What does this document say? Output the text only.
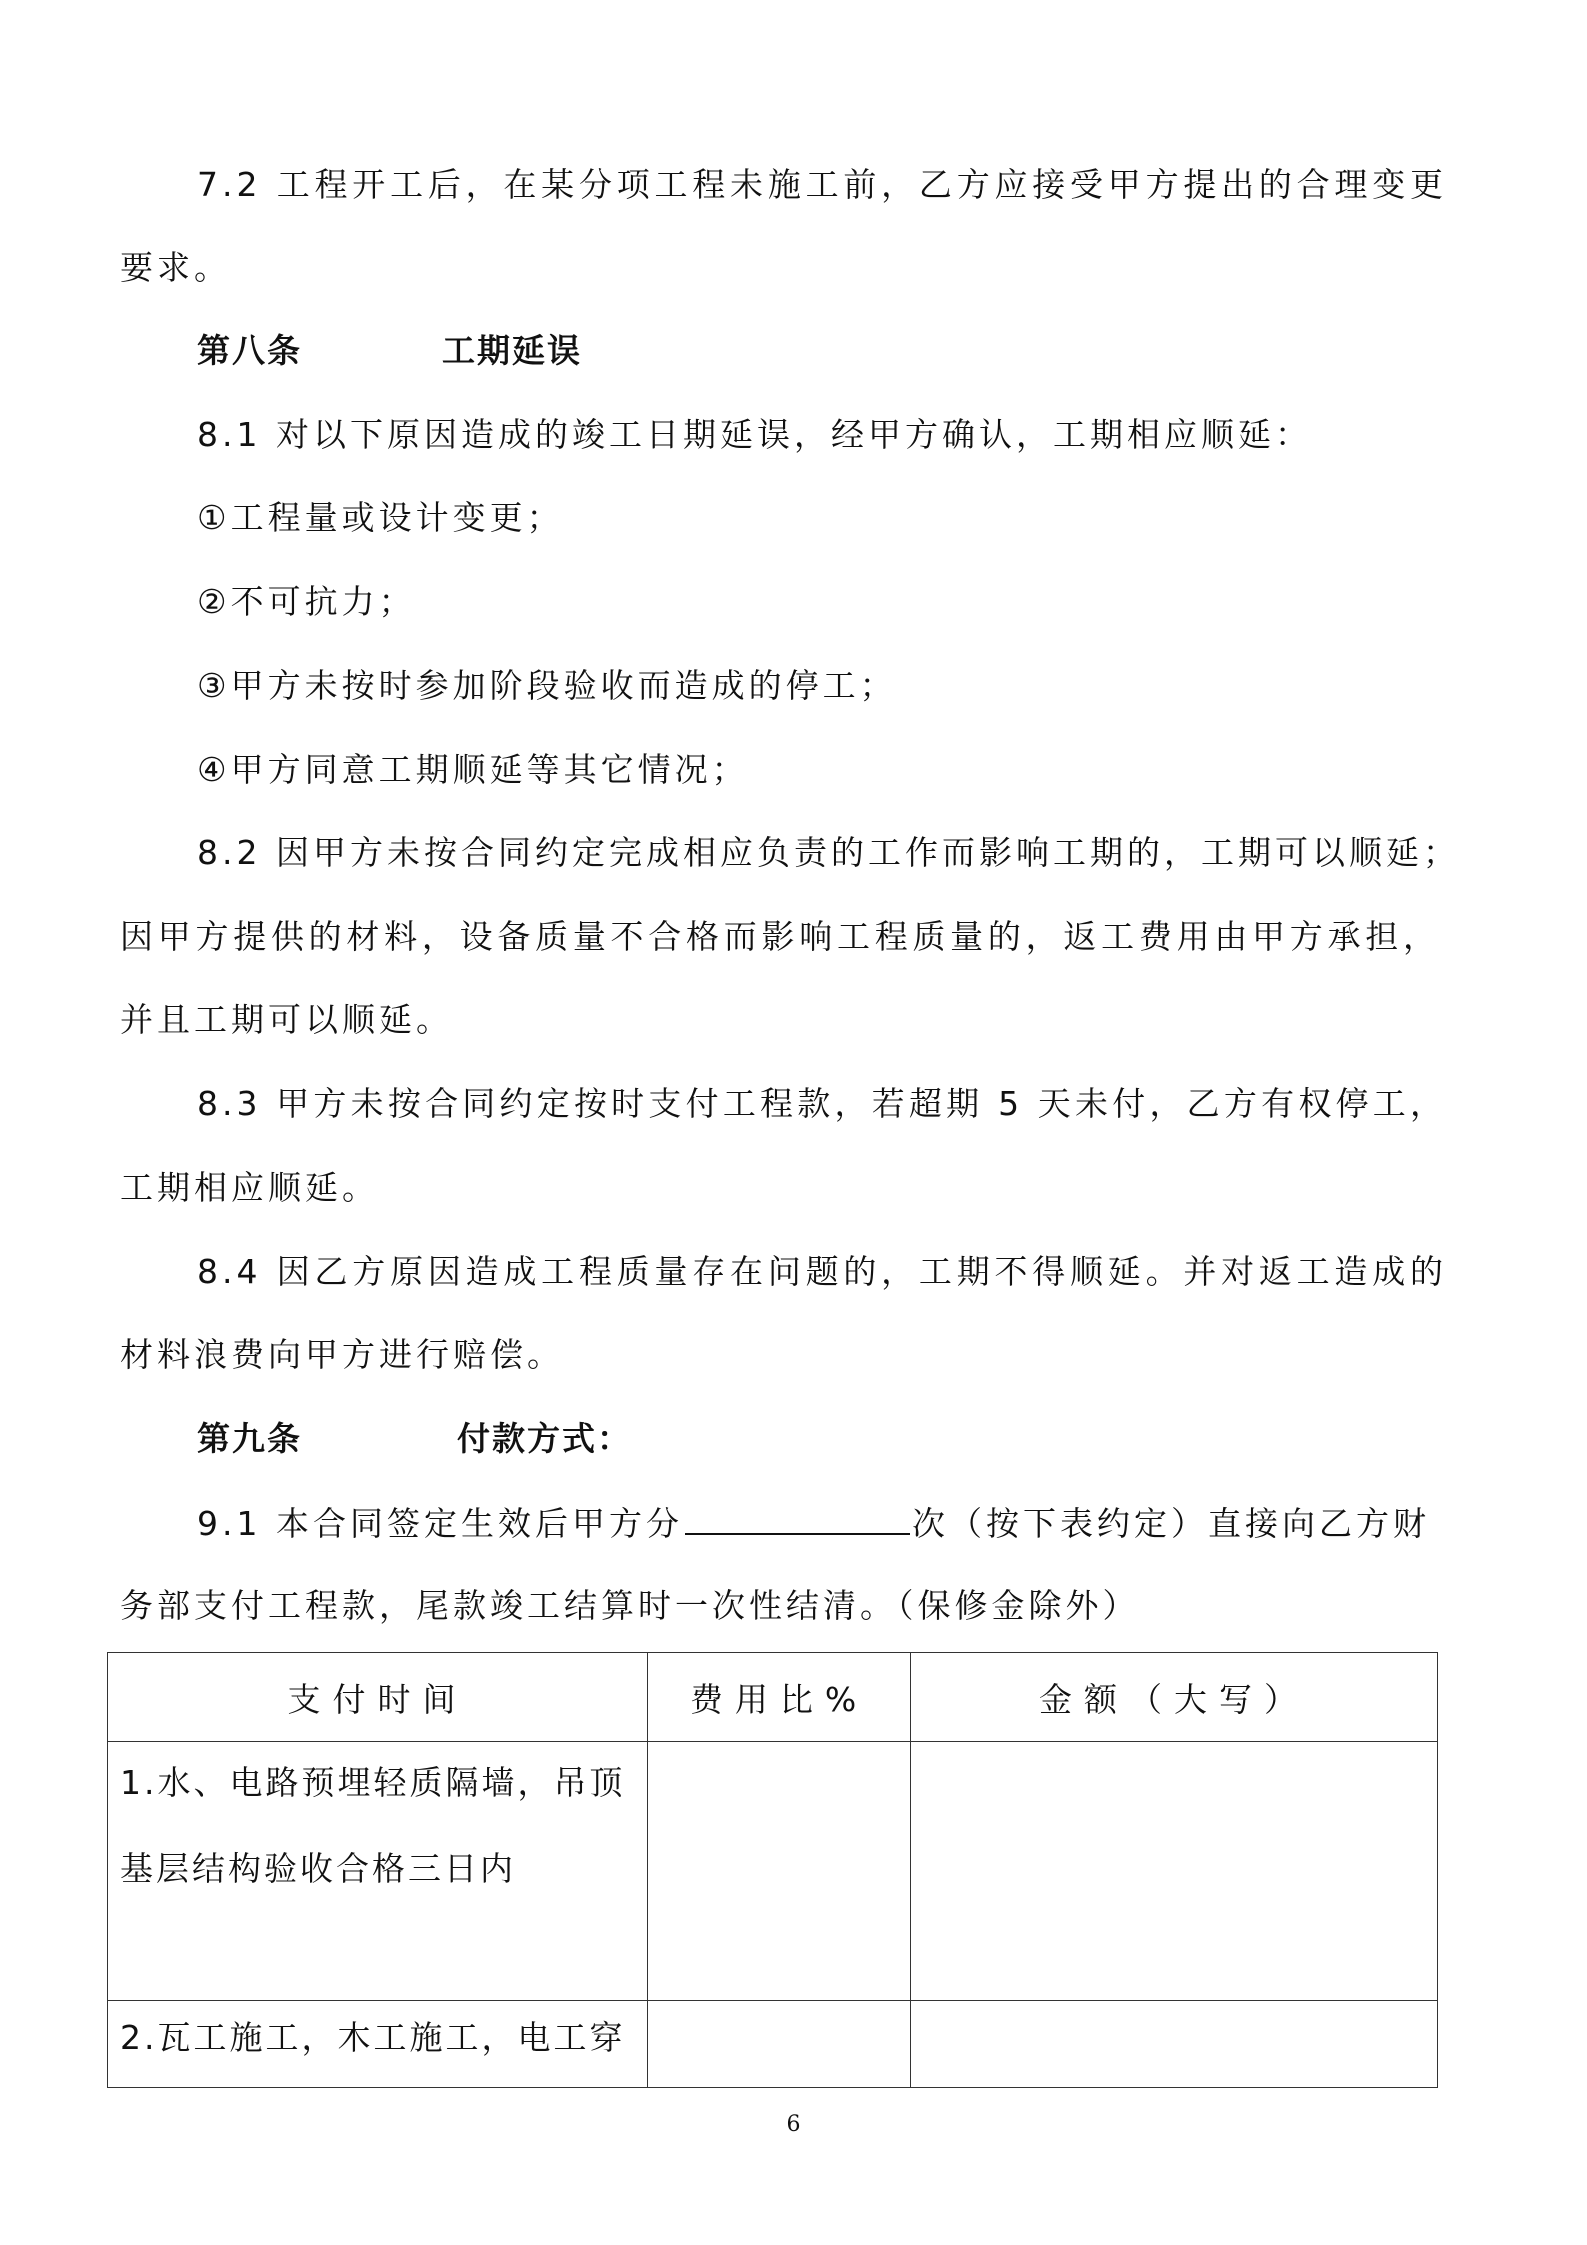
7.2 工程开工后，在某分项工程未施工前，乙方应接受甲方提出的合理变更
要求。
第八条	工期延误
8.1 对以下原因造成的竣工日期延误，经甲方确认，工期相应顺延：
①工程量或设计变更；
②不可抗力；
③甲方未按时参加阶段验收而造成的停工；
④甲方同意工期顺延等其它情况；
8.2 因甲方未按合同约定完成相应负责的工作而影响工期的，工期可以顺延；
因甲方提供的材料，设备质量不合格而影响工程质量的，返工费用由甲方承担，
并且工期可以顺延。
8.3 甲方未按合同约定按时支付工程款，若超期 5 天未付，乙方有权停工，
工期相应顺延。
8.4 因乙方原因造成工程质量存在问题的，工期不得顺延。并对返工造成的
材料浪费向甲方进行赔偿。
第九条	付款方式：
9.1 本合同签定生效后甲方分	次（按下表约定）直接向乙方财
务部支付工程款，尾款竣工结算时一次性结清。（保修金除外）
支付时间	费用比%	金额（大写）

1.水、电路预埋轻质隔墙，吊顶

基层结构验收合格三日内		

2.瓦工施工，木工施工，电工穿		

6
